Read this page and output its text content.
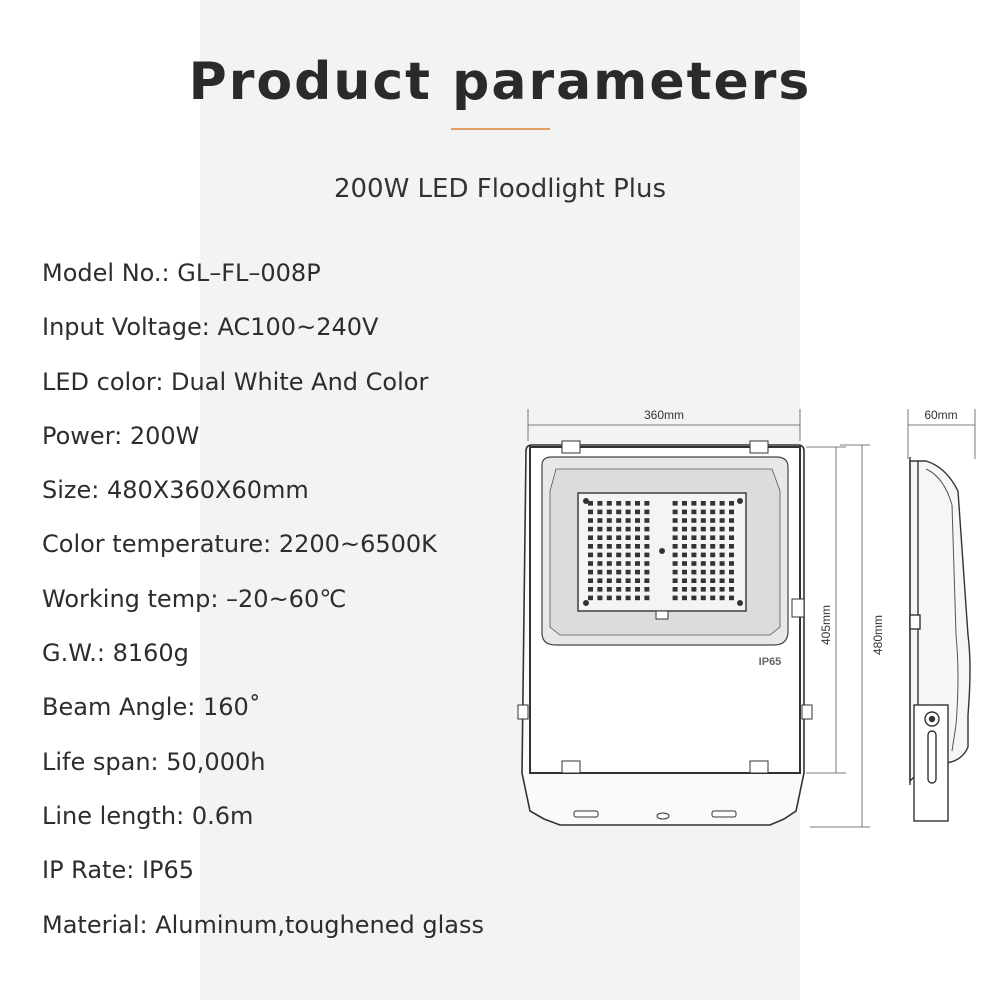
Product parameters
200W LED Floodlight Plus
Model No.: GL–FL–008P
Input Voltage: AC100~240V
LED color: Dual White And Color
Power: 200W
Size: 480X360X60mm
Color temperature: 2200~6500K
Working temp: –20~60℃
G.W.: 8160g
Beam Angle: 160˚
Life span: 50,000h
Line length: 0.6m
IP Rate: IP65
Material: Aluminum,toughened glass
360mm	60mm
IP65
405mm	480mm
